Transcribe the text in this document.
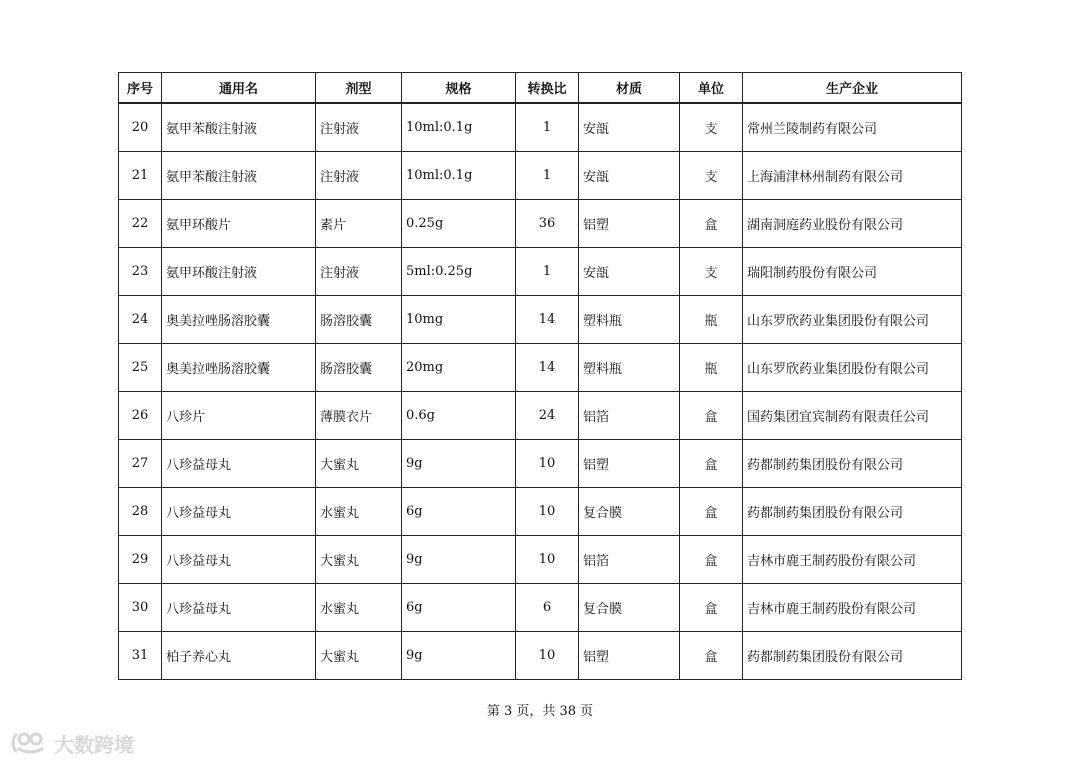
序号	通用名	剂型	规格	转换比	材质	单位	生产企业
20	氨甲苯酸注射液	注射液	10ml:0.1g	1	安瓿	支	常州兰陵制药有限公司
21	氨甲苯酸注射液	注射液	10ml:0.1g	1	安瓿	支	上海浦津林州制药有限公司
22	氨甲环酸片	素片	0.25g	36	铝塑	盒	湖南洞庭药业股份有限公司
23	氨甲环酸注射液	注射液	5ml:0.25g	1	安瓿	支	瑞阳制药股份有限公司
24	奥美拉唑肠溶胶囊	肠溶胶囊	10mg	14	塑料瓶	瓶	山东罗欣药业集团股份有限公司
25	奥美拉唑肠溶胶囊	肠溶胶囊	20mg	14	塑料瓶	瓶	山东罗欣药业集团股份有限公司
26	八珍片	薄膜衣片	0.6g	24	铝箔	盒	国药集团宜宾制药有限责任公司
27	八珍益母丸	大蜜丸	9g	10	铝塑	盒	药都制药集团股份有限公司
28	八珍益母丸	水蜜丸	6g	10	复合膜	盒	药都制药集团股份有限公司
29	八珍益母丸	大蜜丸	9g	10	铝箔	盒	吉林市鹿王制药股份有限公司
30	八珍益母丸	水蜜丸	6g	6	复合膜	盒	吉林市鹿王制药股份有限公司
31	柏子养心丸	大蜜丸	9g	10	铝塑	盒	药都制药集团股份有限公司
第 3 页，共 38 页
大数跨境
